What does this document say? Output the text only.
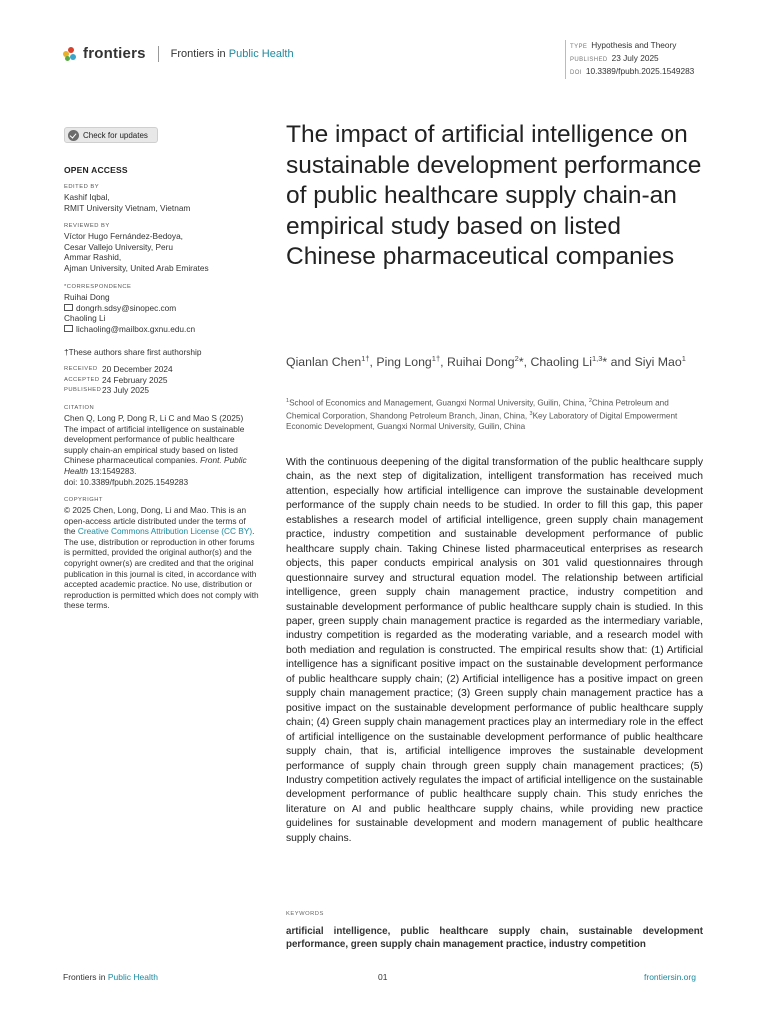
frontiers Frontiers in Public Health
TYPE Hypothesis and Theory
PUBLISHED 23 July 2025
DOI 10.3389/fpubh.2025.1549283
Check for updates
OPEN ACCESS
EDITED BY
Kashif Iqbal,
RMIT University Vietnam, Vietnam
REVIEWED BY
Víctor Hugo Fernández-Bedoya,
Cesar Vallejo University, Peru
Ammar Rashid,
Ajman University, United Arab Emirates
*CORRESPONDENCE
Ruihai Dong
dongrh.sdsy@sinopec.com
Chaoling Li
lichaoling@mailbox.gxnu.edu.cn
†These authors share first authorship
RECEIVED 20 December 2024
ACCEPTED 24 February 2025
PUBLISHED 23 July 2025
CITATION
Chen Q, Long P, Dong R, Li C and Mao S (2025) The impact of artificial intelligence on sustainable development performance of public healthcare supply chain-an empirical study based on listed Chinese pharmaceutical companies. Front. Public Health 13:1549283.
doi: 10.3389/fpubh.2025.1549283
COPYRIGHT
© 2025 Chen, Long, Dong, Li and Mao. This is an open-access article distributed under the terms of the Creative Commons Attribution License (CC BY). The use, distribution or reproduction in other forums is permitted, provided the original author(s) and the copyright owner(s) are credited and that the original publication in this journal is cited, in accordance with accepted academic practice. No use, distribution or reproduction is permitted which does not comply with these terms.
The impact of artificial intelligence on sustainable development performance of public healthcare supply chain-an empirical study based on listed Chinese pharmaceutical companies
Qianlan Chen$^{1\dagger}$, Ping Long$^{1\dagger}$, Ruihai Dong$^2$*, Chaoling Li$^{1,3}$* and Siyi Mao$^1$
$^1$School of Economics and Management, Guangxi Normal University, Guilin, China, $^2$China Petroleum and Chemical Corporation, Shandong Petroleum Branch, Jinan, China, $^3$Key Laboratory of Digital Empowerment Economic Development, Guangxi Normal University, Guilin, China
With the continuous deepening of the digital transformation of the public healthcare supply chain, as the next step of digitalization, intelligent transformation has received much attention, especially how artificial intelligence can improve the sustainable development performance of the supply chain needs to be studied. In order to fill this gap, this paper establishes a research model of artificial intelligence, green supply chain management practice, industry competition and sustainable development performance of public healthcare supply chain. Taking Chinese listed pharmaceutical enterprises as research objects, this paper conducts empirical analysis on 301 valid questionnaires through questionnaire survey and structural equation model. The relationship between artificial intelligence, green supply chain management practice, industry competition and sustainable development performance of public healthcare supply chain is studied. In this paper, green supply chain management practice is regarded as the intermediary variable, industry competition is regarded as the moderating variable, and a research model with both mediation and regulation is constructed. The empirical results show that: (1) Artificial intelligence has a significant positive impact on the sustainable development performance of public healthcare supply chain; (2) Artificial intelligence has a positive impact on green supply chain management practice; (3) Green supply chain management practice has a positive impact on the sustainable development performance of public healthcare supply chain; (4) Green supply chain management practices play an intermediary role in the effect of artificial intelligence on the sustainable development performance of public healthcare supply chain, that is, artificial intelligence improves the sustainable development performance of supply chain through green supply chain management practices; (5) Industry competition actively regulates the impact of artificial intelligence on the sustainable development performance of public healthcare supply chain. This study enriches the literature on AI and public healthcare supply chains, while providing new practice guidelines for sustainable development and modern management of public healthcare supply chains.
KEYWORDS
artificial intelligence, public healthcare supply chain, sustainable development performance, green supply chain management practice, industry competition
Frontiers in Public Health	01	frontiersin.org
